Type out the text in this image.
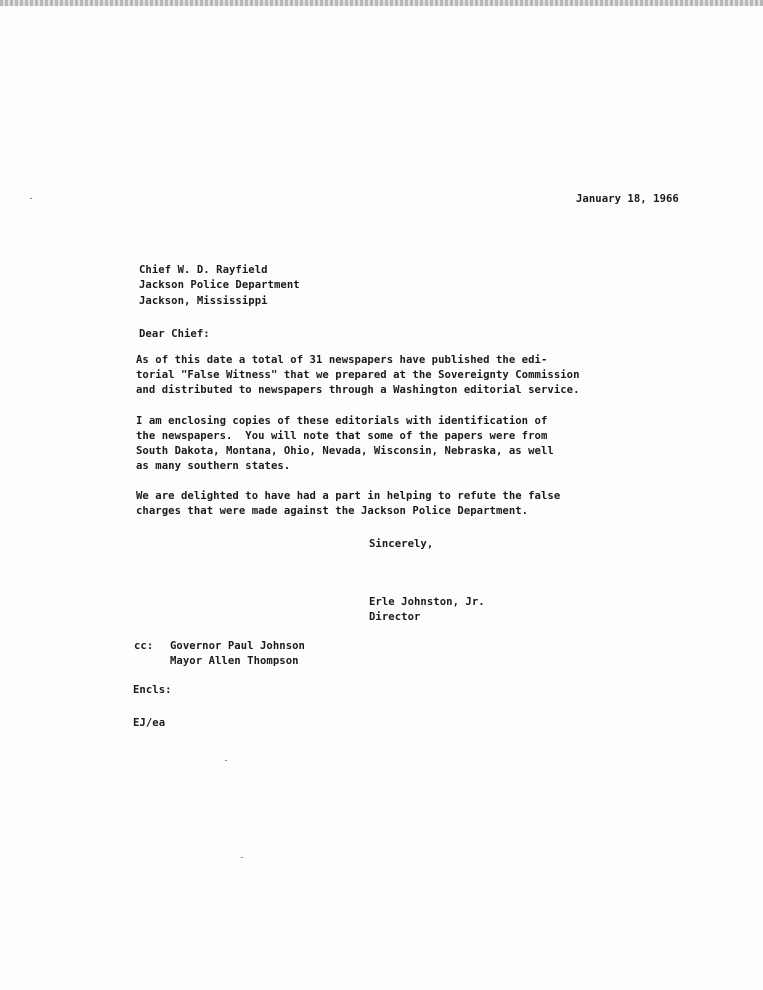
January 18, 1966
Chief W. D. Rayfield
Jackson Police Department
Jackson, Mississippi
Dear Chief:
As of this date a total of 31 newspapers have published the edi-
torial "False Witness" that we prepared at the Sovereignty Commission
and distributed to newspapers through a Washington editorial service.
I am enclosing copies of these editorials with identification of
the newspapers.  You will note that some of the papers were from
South Dakota, Montana, Ohio, Nevada, Wisconsin, Nebraska, as well
as many southern states.
We are delighted to have had a part in helping to refute the false
charges that were made against the Jackson Police Department.
Sincerely,
Erle Johnston, Jr.
Director
cc: Governor Paul Johnson
Mayor Allen Thompson
Encls:
EJ/ea
